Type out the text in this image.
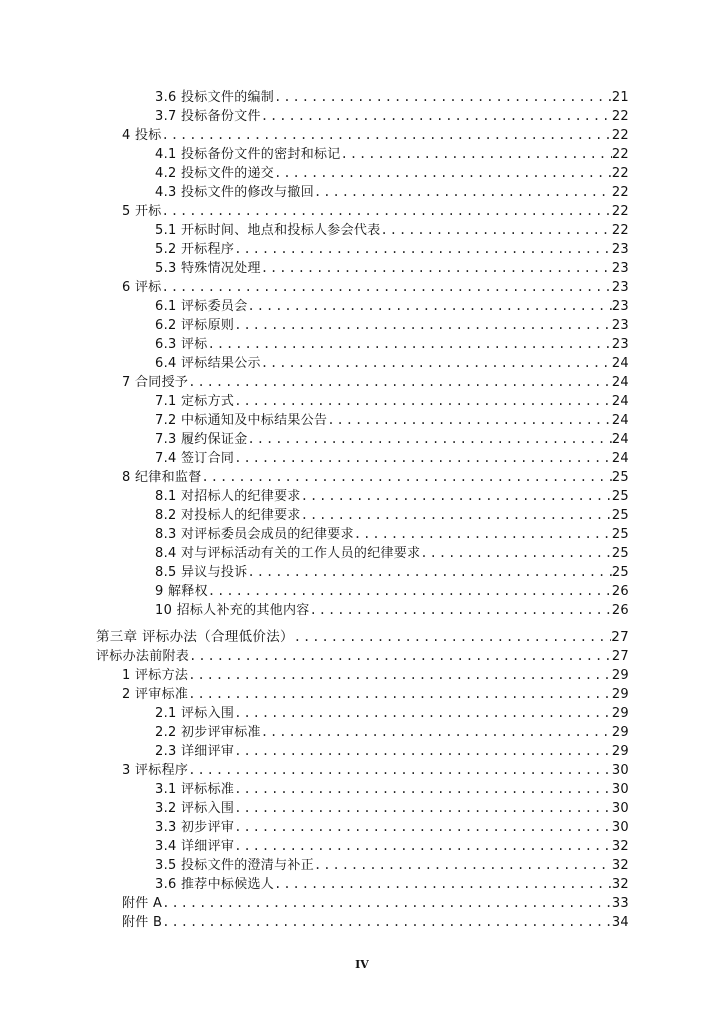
3.6 投标文件的编制 .....	21
3.7 投标备份文件 .....	22
4 投标 .....	22
4.1 投标备份文件的密封和标记 .....	22
4.2 投标文件的递交 .....	22
4.3 投标文件的修改与撤回 .....	22
5 开标 .....	22
5.1 开标时间、地点和投标人参会代表 .....	22
5.2 开标程序 .....	23
5.3 特殊情况处理 .....	23
6 评标 .....	23
6.1 评标委员会 .....	23
6.2 评标原则 .....	23
6.3 评标 .....	23
6.4 评标结果公示 .....	24
7 合同授予 .....	24
7.1 定标方式 .....	24
7.2 中标通知及中标结果公告 .....	24
7.3 履约保证金 .....	24
7.4 签订合同 .....	24
8 纪律和监督 .....	25
8.1 对招标人的纪律要求 .....	25
8.2 对投标人的纪律要求 .....	25
8.3 对评标委员会成员的纪律要求 .....	25
8.4 对与评标活动有关的工作人员的纪律要求 .....	25
8.5 异议与投诉 .....	25
9 解释权 .....	26
10 招标人补充的其他内容 .....	26
第三章 评标办法（合理低价法） .....	27
评标办法前附表 .....	27
1 评标方法 .....	29
2 评审标准 .....	29
2.1 评标入围 .....	29
2.2 初步评审标准 .....	29
2.3 详细评审 .....	29
3 评标程序 .....	30
3.1 评标标准 .....	30
3.2 评标入围 .....	30
3.3 初步评审 .....	30
3.4 详细评审 .....	32
3.5 投标文件的澄清与补正 .....	32
3.6 推荐中标候选人 .....	32
附件 A .....	33
附件 B .....	34
IV
